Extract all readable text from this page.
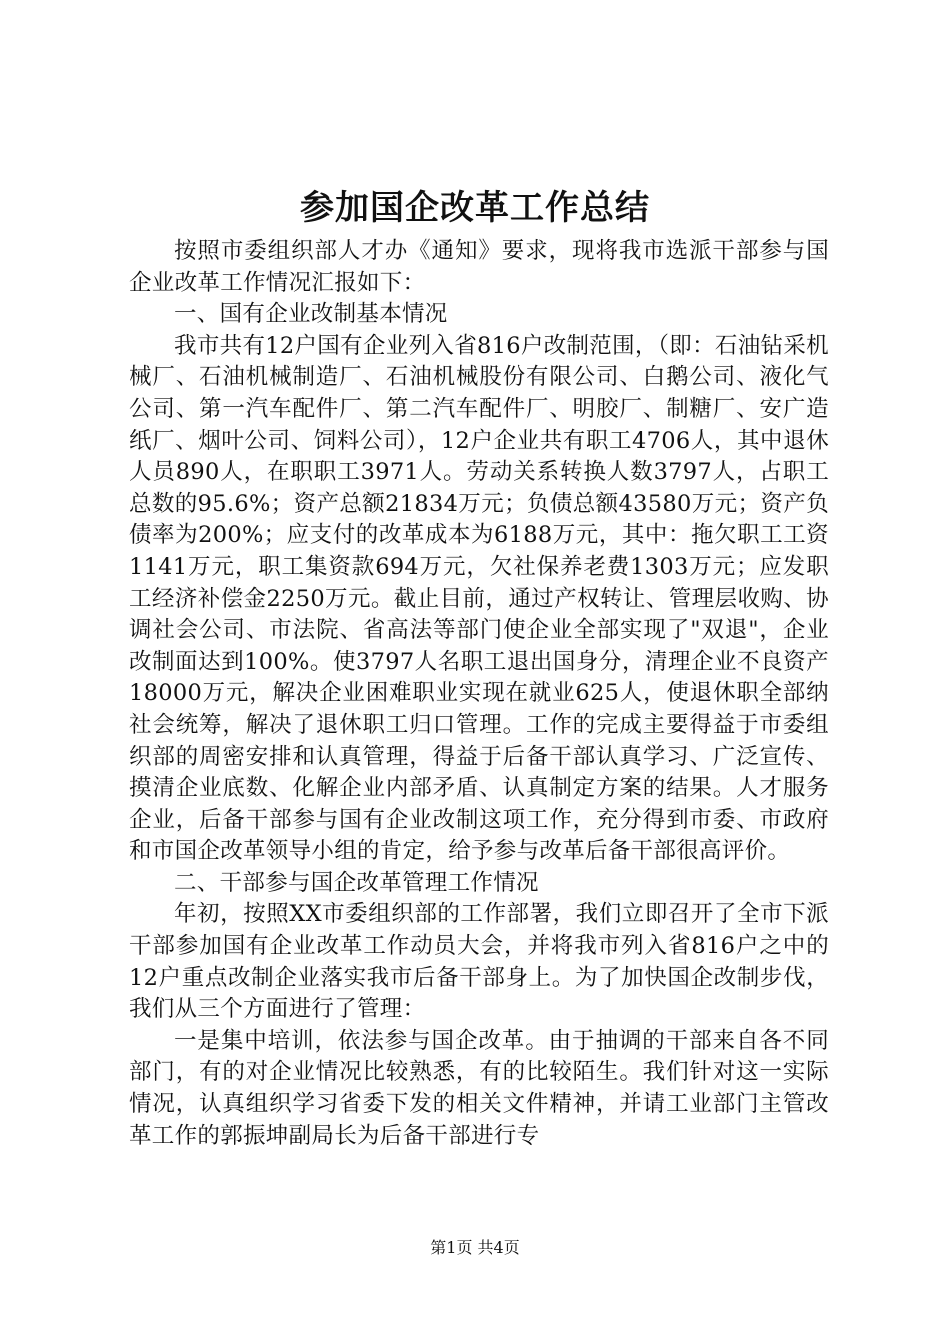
参加国企改革工作总结

按照市委组织部人才办《通知》要求，现将我市选派干部参与国企业改革工作情况汇报如下：

一、国有企业改制基本情况

我市共有12户国有企业列入省816户改制范围，（即：石油钻采机械厂、石油机械制造厂、石油机械股份有限公司、白鹅公司、液化气公司、第一汽车配件厂、第二汽车配件厂、明胶厂、制糖厂、安广造纸厂、烟叶公司、饲料公司），12户企业共有职工4706人，其中退休人员890人，在职职工3971人。劳动关系转换人数3797人，占职工总数的95.6%；资产总额21834万元；负债总额43580万元；资产负债率为200%；应支付的改革成本为6188万元，其中：拖欠职工工资1141万元，职工集资款694万元，欠社保养老费1303万元；应发职工经济补偿金2250万元。截止目前，通过产权转让、管理层收购、协调社会公司、市法院、省高法等部门使企业全部实现了"双退"，企业改制面达到100%。使3797人名职工退出国身分，清理企业不良资产18000万元，解决企业困难职业实现在就业625人，使退休职全部纳社会统筹，解决了退休职工归口管理。工作的完成主要得益于市委组织部的周密安排和认真管理，得益于后备干部认真学习、广泛宣传、摸清企业底数、化解企业内部矛盾、认真制定方案的结果。人才服务企业，后备干部参与国有企业改制这项工作，充分得到市委、市政府和市国企改革领导小组的肯定，给予参与改革后备干部很高评价。

二、干部参与国企改革管理工作情况

年初，按照XX市委组织部的工作部署，我们立即召开了全市下派干部参加国有企业改革工作动员大会，并将我市列入省816户之中的12户重点改制企业落实我市后备干部身上。为了加快国企改制步伐，我们从三个方面进行了管理：

一是集中培训，依法参与国企改革。由于抽调的干部来自各不同部门，有的对企业情况比较熟悉，有的比较陌生。我们针对这一实际情况，认真组织学习省委下发的相关文件精神，并请工业部门主管改革工作的郭振坤副局长为后备干部进行专

第1页 共4页
